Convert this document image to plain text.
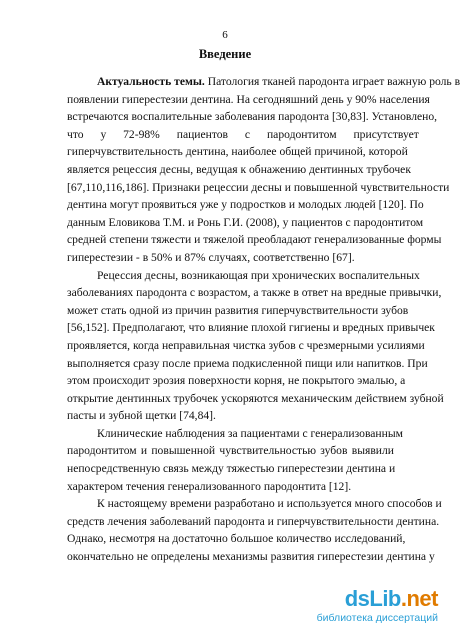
6
Введение
Актуальность темы. Патология тканей пародонта играет важную роль в
появлении гиперестезии дентина. На сегодняшний день у 90% населения
встречаются воспалительные заболевания пародонта [30,83]. Установлено,
что у 72-98% пациентов с пародонтитом присутствует
гиперчувствительность дентина, наиболее общей причиной, которой
является рецессия десны, ведущая к обнажению дентинных трубочек
[67,110,116,186]. Признаки рецессии десны и повышенной чувствительности
дентина могут проявиться уже у подростков и молодых людей [120]. По
данным Еловикова Т.М. и Ронь Г.И. (2008), у пациентов с пародонтитом
средней степени тяжести и тяжелой преобладают генерализованные формы
гиперестезии - в 50% и 87% случаях, соответственно [67].
Рецессия десны, возникающая при хронических воспалительных
заболеваниях пародонта с возрастом, а также в ответ на вредные привычки,
может стать одной из причин развития гиперчувствительности зубов
[56,152]. Предполагают, что влияние плохой гигиены и вредных привычек
проявляется, когда неправильная чистка зубов с чрезмерными усилиями
выполняется сразу после приема подкисленной пищи или напитков. При
этом происходит эрозия поверхности корня, не покрытого эмалью, а
открытие дентинных трубочек ускоряются механическим действием зубной
пасты и зубной щетки [74,84].
Клинические наблюдения за пациентами с генерализованным
пародонтитом и повышенной чувствительностью зубов выявили
непосредственную связь между тяжестью гиперестезии дентина и
характером течения генерализованного пародонтита [12].
К настоящему времени разработано и используется много способов и
средств лечения заболеваний пародонта и гиперчувствительности дентина.
Однако, несмотря на достаточно большое количество исследований,
окончательно не определены механизмы развития гиперестезии дентина у
dsLib.net
библиотека диссертаций
